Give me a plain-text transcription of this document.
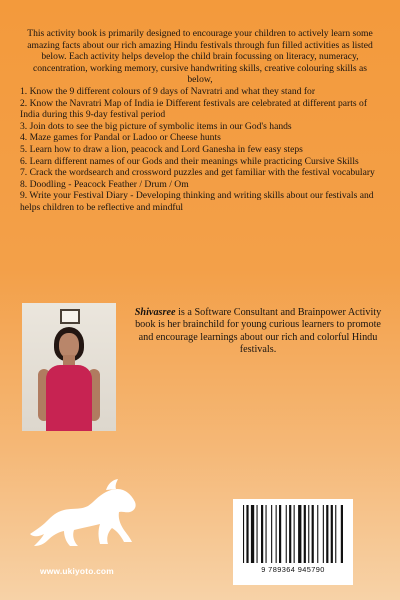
This activity book is primarily designed to encourage your children to actively learn some amazing facts about our rich amazing Hindu festivals through fun filled activities as listed below. Each activity helps develop the child brain focussing on literacy, numeracy, concentration, working memory, cursive handwriting skills, creative colouring skills as below,

1. Know the 9 different colours of 9 days of Navratri and what they stand for
2. Know the Navratri Map of India ie Different festivals are celebrated at different parts of India during this 9-day festival period
3. Join dots to see the big picture of symbolic items in our God's hands
4. Maze games for Pandal or Ladoo or Cheese hunts
5. Learn how to draw a lion, peacock and Lord Ganesha in few easy steps
6. Learn different names of our Gods and their meanings while practicing Cursive Skills
7. Crack the wordsearch and crossword puzzles and get familiar with the festival vocabulary
8. Doodling - Peacock Feather / Drum / Om
9. Write your Festival Diary - Developing thinking and writing skills about our festivals and helps children to be reflective and mindful

Shivasree is a Software Consultant and Brainpower Activity book is her brainchild for young curious learners to promote and encourage learnings about our rich and colorful Hindu festivals.

www.ukiyoto.com	9 789364 945790
